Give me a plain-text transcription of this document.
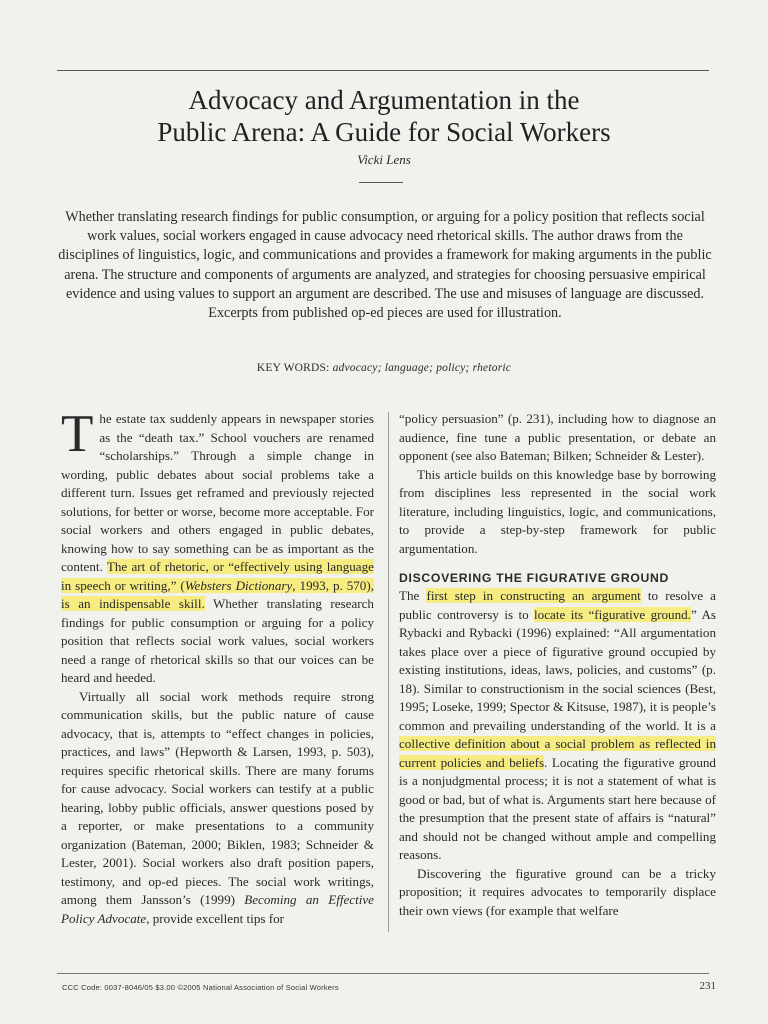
Advocacy and Argumentation in the
Public Arena: A Guide for Social Workers
Vicki Lens
Whether translating research findings for public consumption, or arguing for a policy position that reflects social work values, social workers engaged in cause advocacy need rhetorical skills. The author draws from the disciplines of linguistics, logic, and communications and provides a framework for making arguments in the public arena. The structure and components of arguments are analyzed, and strategies for choosing persuasive empirical evidence and using values to support an argument are described. The use and misuses of language are discussed. Excerpts from published op-ed pieces are used for illustration.
KEY WORDS: advocacy; language; policy; rhetoric

The estate tax suddenly appears in newspaper stories as the “death tax.” School vouchers are renamed “scholarships.” Through a simple change in wording, public debates about social problems take a different turn. Issues get reframed and previously rejected solutions, for better or worse, become more acceptable. For social workers and others engaged in public debates, knowing how to say something can be as important as the content. The art of rhetoric, or “effectively using language in speech or writing,” (Websters Dictionary, 1993, p. 570), is an indispensable skill. Whether translating research findings for public consumption or arguing for a policy position that reflects social work values, social workers need a range of rhetorical skills so that our voices can be heard and heeded.

Virtually all social work methods require strong communication skills, but the public nature of cause advocacy, that is, attempts to “effect changes in policies, practices, and laws” (Hepworth & Larsen, 1993, p. 503), requires specific rhetorical skills. There are many forums for cause advocacy. Social workers can testify at a public hearing, lobby public officials, answer questions posed by a reporter, or make presentations to a community organization (Bateman, 2000; Biklen, 1983; Schneider & Lester, 2001). Social workers also draft position papers, testimony, and op-ed pieces. The social work writings, among them Jansson’s (1999) Becoming an Effective Policy Advocate, provide excellent tips for

“policy persuasion” (p. 231), including how to diagnose an audience, fine tune a public presentation, or debate an opponent (see also Bateman; Bilken; Schneider & Lester).

This article builds on this knowledge base by borrowing from disciplines less represented in the social work literature, including linguistics, logic, and communications, to provide a step-by-step framework for public argumentation.

DISCOVERING THE FIGURATIVE GROUND

The first step in constructing an argument to resolve a public controversy is to locate its “figurative ground.” As Rybacki and Rybacki (1996) explained: “All argumentation takes place over a piece of figurative ground occupied by existing institutions, ideas, laws, policies, and customs” (p. 18). Similar to constructionism in the social sciences (Best, 1995; Loseke, 1999; Spector & Kitsuse, 1987), it is people’s common and prevailing understanding of the world. It is a collective definition about a social problem as reflected in current policies and beliefs. Locating the figurative ground is a nonjudgmental process; it is not a statement of what is good or bad, but of what is. Arguments start here because of the presumption that the present state of affairs is “natural” and should not be changed without ample and compelling reasons.

Discovering the figurative ground can be a tricky proposition; it requires advocates to temporarily displace their own views (for example that welfare

CCC Code: 0037-8046/05 $3.00 ©2005 National Association of Social Workers	231
